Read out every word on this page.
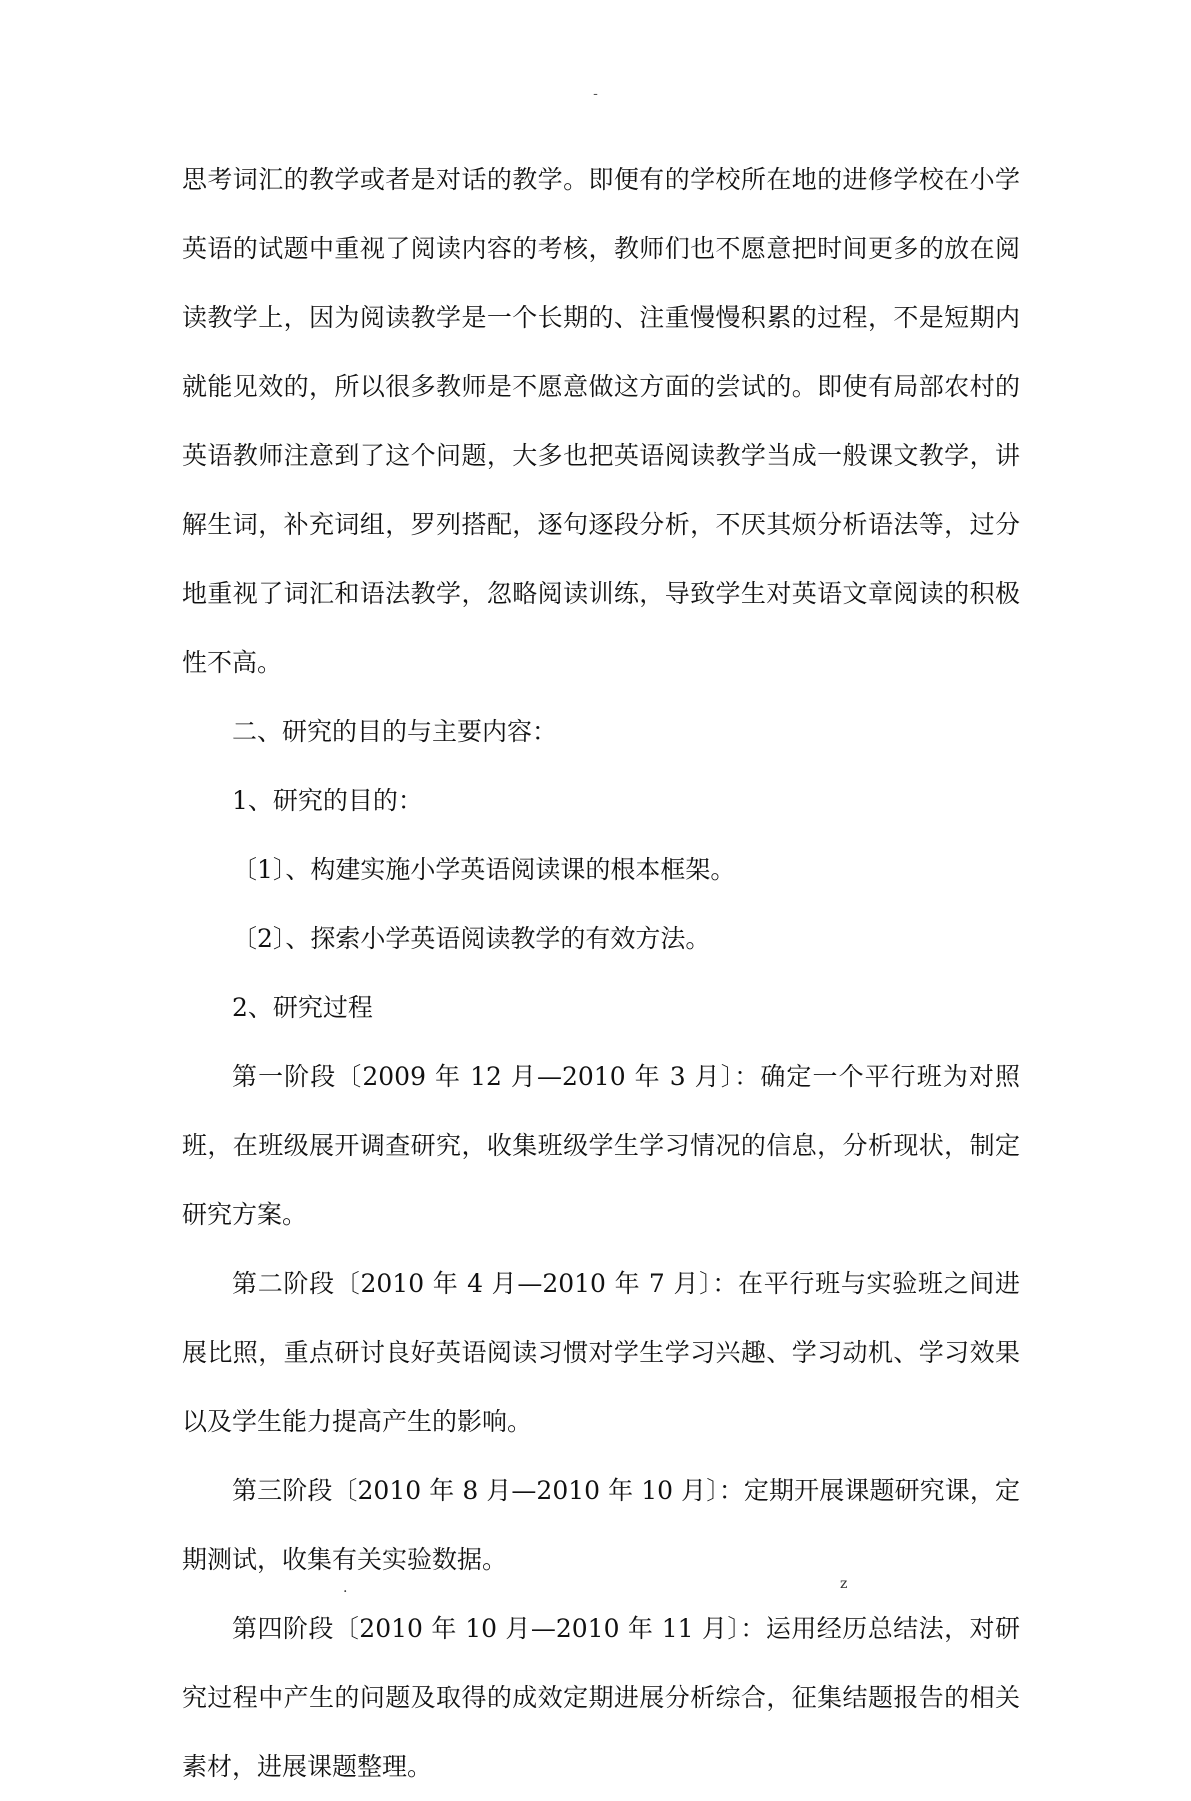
-

思考词汇的教学或者是对话的教学。即便有的学校所在地的进修学校在小学英语的试题中重视了阅读内容的考核，教师们也不愿意把时间更多的放在阅读教学上，因为阅读教学是一个长期的、注重慢慢积累的过程，不是短期内就能见效的，所以很多教师是不愿意做这方面的尝试的。即使有局部农村的英语教师注意到了这个问题，大多也把英语阅读教学当成一般课文教学，讲解生词，补充词组，罗列搭配，逐句逐段分析，不厌其烦分析语法等，过分地重视了词汇和语法教学，忽略阅读训练，导致学生对英语文章阅读的积极性不高。

二、研究的目的与主要内容：

1、研究的目的：

〔1〕、构建实施小学英语阅读课的根本框架。

〔2〕、探索小学英语阅读教学的有效方法。

2、研究过程

第一阶段〔2009 年 12 月—2010 年 3 月〕：确定一个平行班为对照班，在班级展开调查研究，收集班级学生学习情况的信息，分析现状，制定研究方案。

第二阶段〔2010 年 4 月—2010 年 7 月〕：在平行班与实验班之间进展比照，重点研讨良好英语阅读习惯对学生学习兴趣、学习动机、学习效果以及学生能力提高产生的影响。

第三阶段〔2010 年 8 月—2010 年 10 月〕：定期开展课题研究课，定期测试，收集有关实验数据。

第四阶段〔2010 年 10 月—2010 年 11 月〕：运用经历总结法，对研究过程中产生的问题及取得的成效定期进展分析综合，征集结题报告的相关素材，进展课题整理。

.	z
